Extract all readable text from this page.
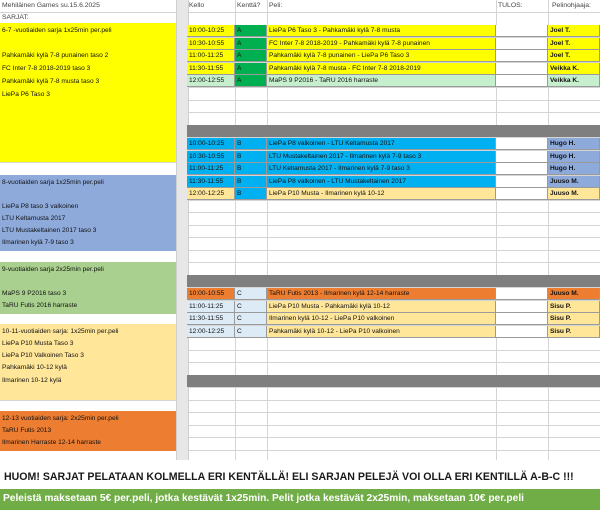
Mehiläinen Games su.15.6.2025
SARJAT:
Kello	Kenttä? Peli:	TULOS:	Pelinohjaaja:
6-7 -vuotiaiden sarja 1x25min per.peli
Pahkamäki kylä 7-8 punainen taso 2
FC Inter 7-8 2018-2019 taso 3
Pahkamäki kylä 7-8 musta taso 3
LiePa P6 Taso 3
8-vuotiaiden sarja 1x25min per.peli
LiePa P8 taso 3 valkoinen
LTU Keltamusta 2017
LTU Mustakeltainen 2017 taso 3
Ilmarinen kylä 7-9 taso 3
9-vuotiaiden sarja 2x25min per.peli
MaPS 9 P2016 taso 3
TaRU Futis 2016 harraste
10-11-vuotiaiden sarja: 1x25min per.peli
LiePa P10 Musta Taso 3
LiePa P10 Valkoinen Taso 3
Pahkamäki 10-12 kylä
Ilmarinen 10-12 kylä
12-13 vuotiaiden sarja: 2x25min per.peli
TaRU Futis 2013
Ilmarinen Harraste 12-14 harraste
10:00-10:25	A	LiePa P6 Taso 3 - Pahkamäki kylä 7-8 musta	Joel T.
10:30-10:55	A	FC Inter 7-8 2018-2019 - Pahkamäki kylä 7-8 punainen	Joel T.
11:00-11:25	A	Pahkamäki kylä 7-8 punainen - LiePa P6 Taso 3	Joel T.
11:30-11:55	A	Pahkamäki kylä 7-8 musta - FC Inter 7-8 2018-2019	Veikka K.
12:00-12:55	A	MaPS 9 P2016 - TaRU 2016 harraste	Veikka K.
10:00-10:25	B	LiePa P8 valkoinen - LTU Keltamusta 2017	Hugo H.
10:30-10:55	B	LTU Mustakeltainen 2017 - Ilmarinen kylä 7-9 taso 3	Hugo H.
11:00-11:25	B	LTU Keltamusta 2017 - Ilmarinen kylä 7-9 taso 3	Hugo H.
11:30-11:55	B	LiePa P8 valkoinen - LTU Mustakeltainen 2017	Juuso M.
12:00-12:25	B	LiePa P10 Musta - Ilmarinen kylä 10-12	Juuso M.
10:00-10:55	C	TaRU Futis 2013 - Ilmarinen kylä 12-14 harraste	Juuso M.
11:00-11:25	C	LiePa P10 Musta - Pahkamäki kylä 10-12	Sisu P.
11:30-11:55	C	Ilmarinen kylä 10-12 - LiePa P10 valkoinen	Sisu P.
12:00-12:25	C	Pahkamäki kylä 10-12 - LiePa P10 valkoinen	Sisu P.
HUOM! SARJAT PELATAAN KOLMELLA ERI KENTÄLLÄ! ELI SARJAN PELEJÄ VOI OLLA ERI KENTILLÄ A-B-C !!!
Peleistä maksetaan 5€ per.peli, jotka kestävät 1x25min. Pelit jotka kestävät 2x25min, maksetaan 10€ per.peli
